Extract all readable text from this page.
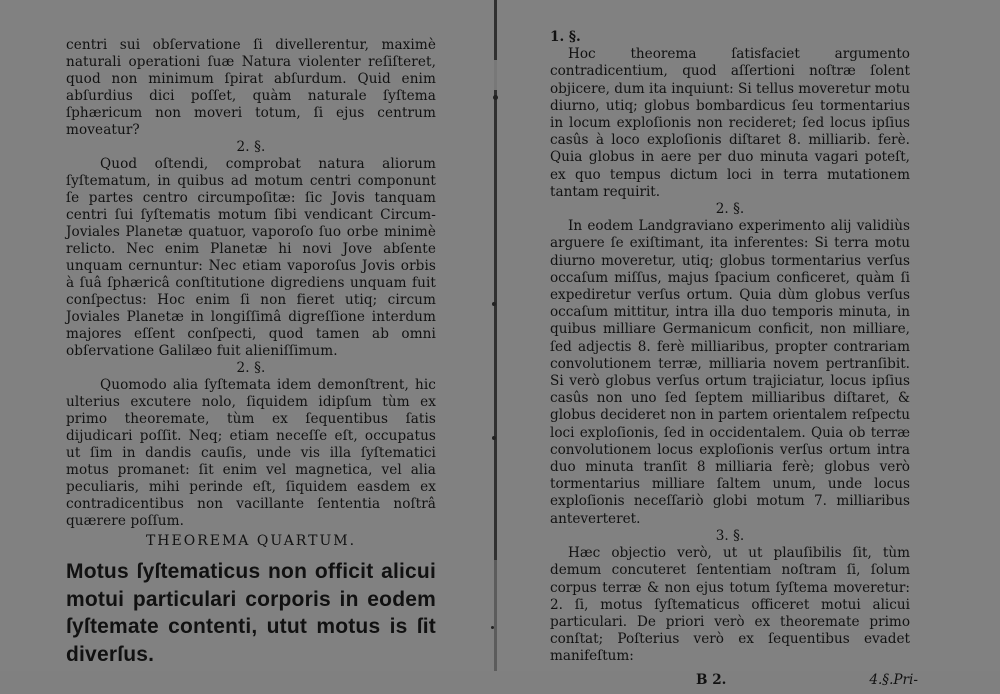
centri sui obſervatione ſi divellerentur, maximè naturali operationi ſuæ Natura violenter reſiſteret, quod non minimum ſpirat abſurdum. Quid enim abſurdius dici poſſet, quàm naturale ſyſtema ſphæricum non moveri totum, ſi ejus centrum moveatur?

2. §.

Quod oſtendi, comprobat natura aliorum ſyſtematum, in quibus ad motum centri componunt ſe partes centro circumpoſitæ: ſic Jovis tanquam centri ſui ſyſtematis motum ſibi vendicant Circum-Joviales Planetæ quatuor, vaporoſo ſuo orbe minimè relicto. Nec enim Planetæ hi novi Jove abſente unquam cernuntur: Nec etiam vaporoſus Jovis orbis à ſuâ ſphæricâ conſtitutione digrediens unquam fuit conſpectus: Hoc enim ſi non fieret utiq; circum Joviales Planetæ in longiſſimâ digreſſione interdum majores eſſent conſpecti, quod tamen ab omni obſervatione Galilæo fuit alieniſſimum.

2. §.

Quomodo alia ſyſtemata idem demonſtrent, hic ulterius excutere nolo, ſiquidem idipſum tùm ex primo theoremate, tùm ex ſequentibus ſatis dijudicari poſſit. Neq; etiam neceſſe eſt, occupatus ut ſim in dandis cauſis, unde vis illa ſyſtematici motus promanet: ſit enim vel magnetica, vel alia peculiaris, mihi perinde eſt, ſiquidem easdem ex contradicentibus non vacillante ſententia noſtrâ quærere poſſum.

THEOREMA QUARTUM.

Motus ſyſtematicus non officit alicui motui particulari corporis in eodem ſyſtemate contenti, utut motus is ſit diverſus.

1. §.

Hoc theorema ſatisfaciet argumento contradicentium, quod aſſertioni noſtræ ſolent objicere, dum ita inquiunt: Si tellus moveretur motu diurno, utiq; globus bombardicus ſeu tormentarius in locum exploſionis non recideret; ſed locus ipſius casûs à loco exploſionis diſtaret 8. milliarib. ferè. Quia globus in aere per duo minuta vagari poteſt, ex quo tempus dictum loci in terra mutationem tantam requirit.

2. §.

In eodem Landgraviano experimento alij validiùs arguere ſe exiſtimant, ita inferentes: Si terra motu diurno moveretur, utiq; globus tormentarius verſus occaſum miſſus, majus ſpacium conficeret, quàm ſi expediretur verſus ortum. Quia dùm globus verſus occaſum mittitur, intra illa duo temporis minuta, in quibus milliare Germanicum conficit, non milliare, ſed adjectis 8. ferè milliaribus, propter contrariam convolutionem terræ, milliaria novem pertranſibit. Si verò globus verſus ortum trajiciatur, locus ipſius casûs non uno ſed ſeptem milliaribus diſtaret, & globus decideret non in partem orientalem reſpectu loci exploſionis, ſed in occidentalem. Quia ob terræ convolutionem locus exploſionis verſus ortum intra duo minuta tranſit 8 milliaria ferè; globus verò tormentarius milliare ſaltem unum, unde locus exploſionis neceſſariò globi motum 7. milliaribus anteverteret.

3. §.

Hæc objectio verò, ut ut plauſibilis ſit, tùm demum concuteret ſententiam noſtram ſi, ſolum corpus terræ & non ejus totum ſyſtema moveretur: 2. ſi, motus ſyſtematicus officeret motui alicui particulari. De priori verò ex theoremate primo conſtat; Poſterius verò ex ſequentibus evadet manifeſtum:

B 2.	4.§.Pri-
